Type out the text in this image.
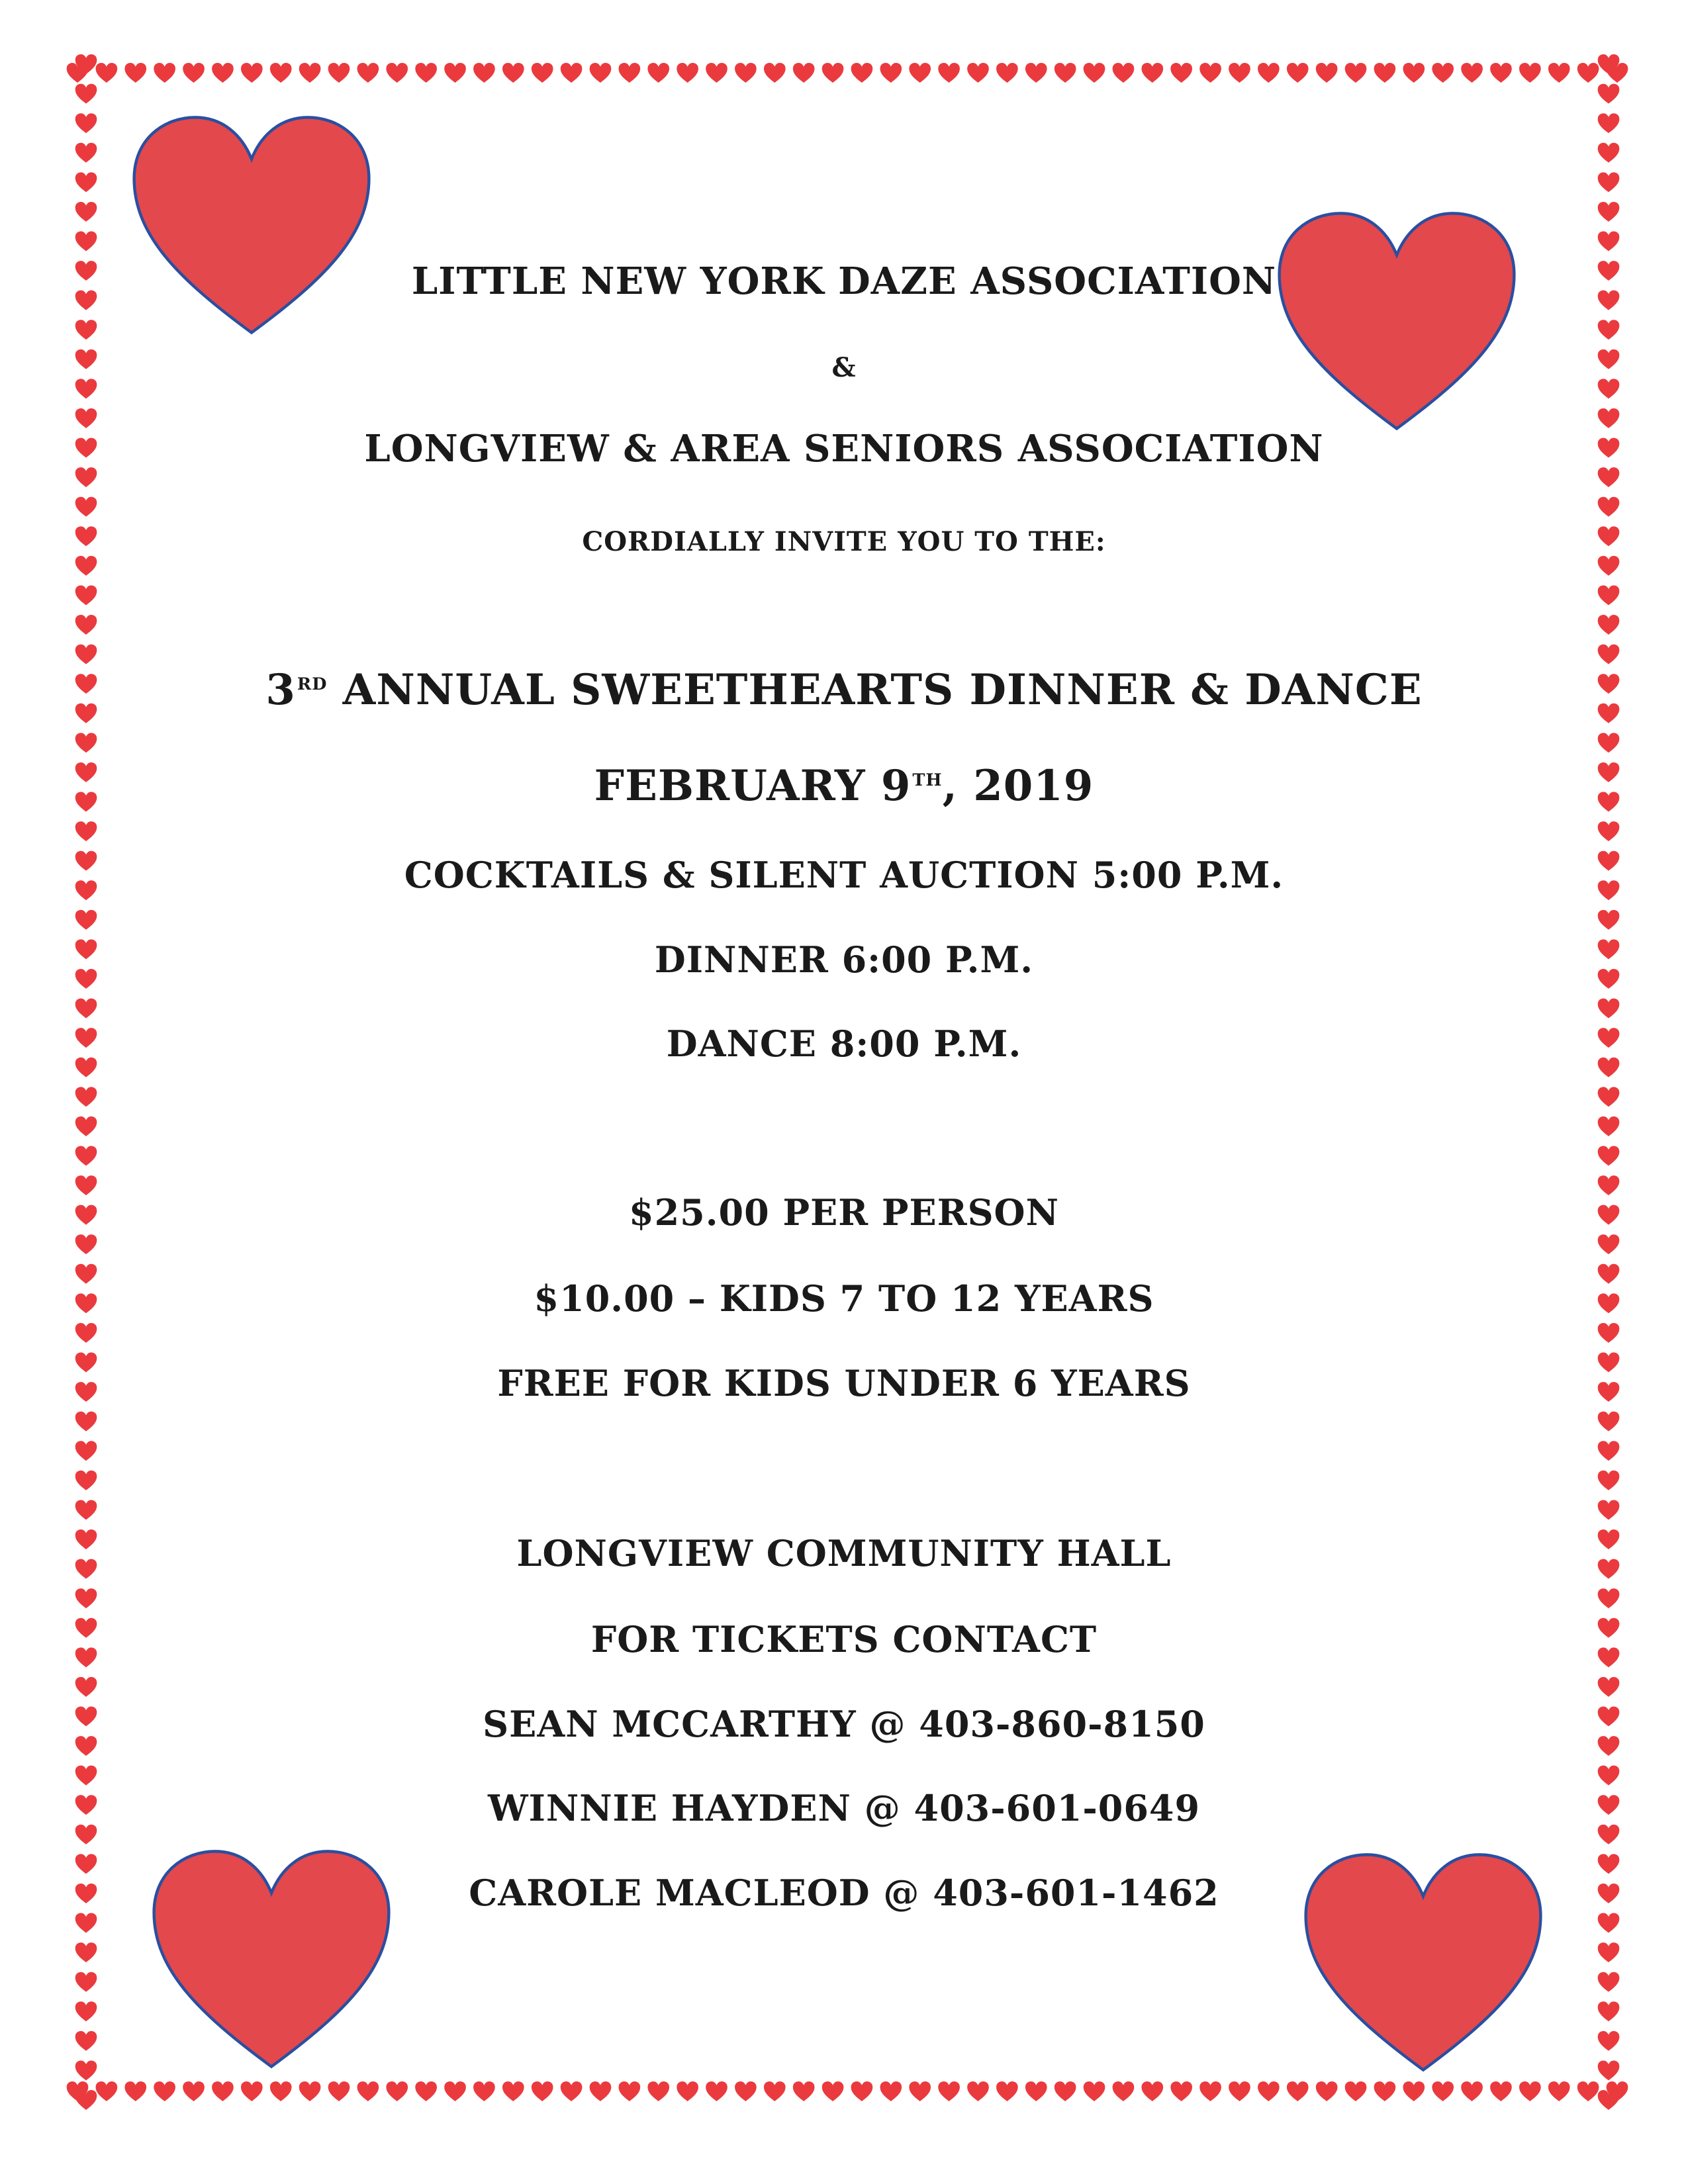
LITTLE NEW YORK DAZE ASSOCIATION
&
LONGVIEW & AREA SENIORS ASSOCIATION
CORDIALLY INVITE YOU TO THE:
3RD ANNUAL SWEETHEARTS DINNER & DANCE
FEBRUARY 9TH, 2019
COCKTAILS & SILENT AUCTION 5:00 P.M.
DINNER 6:00 P.M.
DANCE 8:00 P.M.
$25.00 PER PERSON
$10.00 – KIDS 7 TO 12 YEARS
FREE FOR KIDS UNDER 6 YEARS
LONGVIEW COMMUNITY HALL
FOR TICKETS CONTACT
SEAN MCCARTHY @ 403-860-8150
WINNIE HAYDEN @ 403-601-0649
CAROLE MACLEOD @ 403-601-1462
